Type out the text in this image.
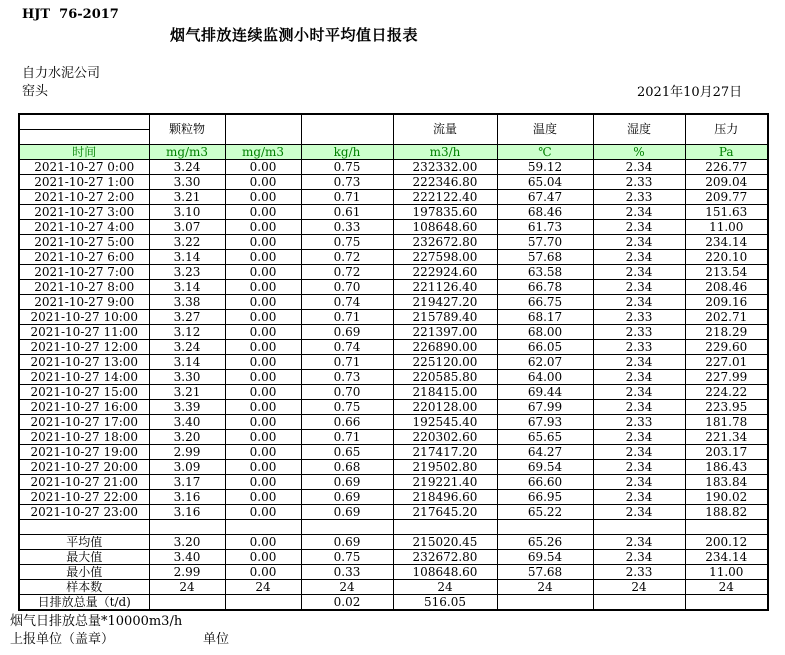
HJT  76-2017
烟气排放连续监测小时平均值日报表
自力水泥公司
窑头	2021年10月27日
	颗粒物			流量	温度	湿度	压力

时间	mg/m3	mg/m3	kg/h	m3/h	℃	%	Pa
2021-10-27 0:00	3.24	0.00	0.75	232332.00	59.12	2.34	226.77
2021-10-27 1:00	3.30	0.00	0.73	222346.80	65.04	2.33	209.04
2021-10-27 2:00	3.21	0.00	0.71	222122.40	67.47	2.33	209.77
2021-10-27 3:00	3.10	0.00	0.61	197835.60	68.46	2.34	151.63
2021-10-27 4:00	3.07	0.00	0.33	108648.60	61.73	2.34	11.00
2021-10-27 5:00	3.22	0.00	0.75	232672.80	57.70	2.34	234.14
2021-10-27 6:00	3.14	0.00	0.72	227598.00	57.68	2.34	220.10
2021-10-27 7:00	3.23	0.00	0.72	222924.60	63.58	2.34	213.54
2021-10-27 8:00	3.14	0.00	0.70	221126.40	66.78	2.34	208.46
2021-10-27 9:00	3.38	0.00	0.74	219427.20	66.75	2.34	209.16
2021-10-27 10:00	3.27	0.00	0.71	215789.40	68.17	2.33	202.71
2021-10-27 11:00	3.12	0.00	0.69	221397.00	68.00	2.33	218.29
2021-10-27 12:00	3.24	0.00	0.74	226890.00	66.05	2.33	229.60
2021-10-27 13:00	3.14	0.00	0.71	225120.00	62.07	2.34	227.01
2021-10-27 14:00	3.30	0.00	0.73	220585.80	64.00	2.34	227.99
2021-10-27 15:00	3.21	0.00	0.70	218415.00	69.44	2.34	224.22
2021-10-27 16:00	3.39	0.00	0.75	220128.00	67.99	2.34	223.95
2021-10-27 17:00	3.40	0.00	0.66	192545.40	67.93	2.33	181.78
2021-10-27 18:00	3.20	0.00	0.71	220302.60	65.65	2.34	221.34
2021-10-27 19:00	2.99	0.00	0.65	217417.20	64.27	2.34	203.17
2021-10-27 20:00	3.09	0.00	0.68	219502.80	69.54	2.34	186.43
2021-10-27 21:00	3.17	0.00	0.69	219221.40	66.60	2.34	183.84
2021-10-27 22:00	3.16	0.00	0.69	218496.60	66.95	2.34	190.02
2021-10-27 23:00	3.16	0.00	0.69	217645.20	65.22	2.34	188.82

平均值	3.20	0.00	0.69	215020.45	65.26	2.34	200.12
最大值	3.40	0.00	0.75	232672.80	69.54	2.34	234.14
最小值	2.99	0.00	0.33	108648.60	57.68	2.33	11.00
样本数	24	24	24	24	24	24	24
日排放总量（t/d)			0.02	516.05			
烟气日排放总量*10000m3/h
上报单位（盖章）	单位
